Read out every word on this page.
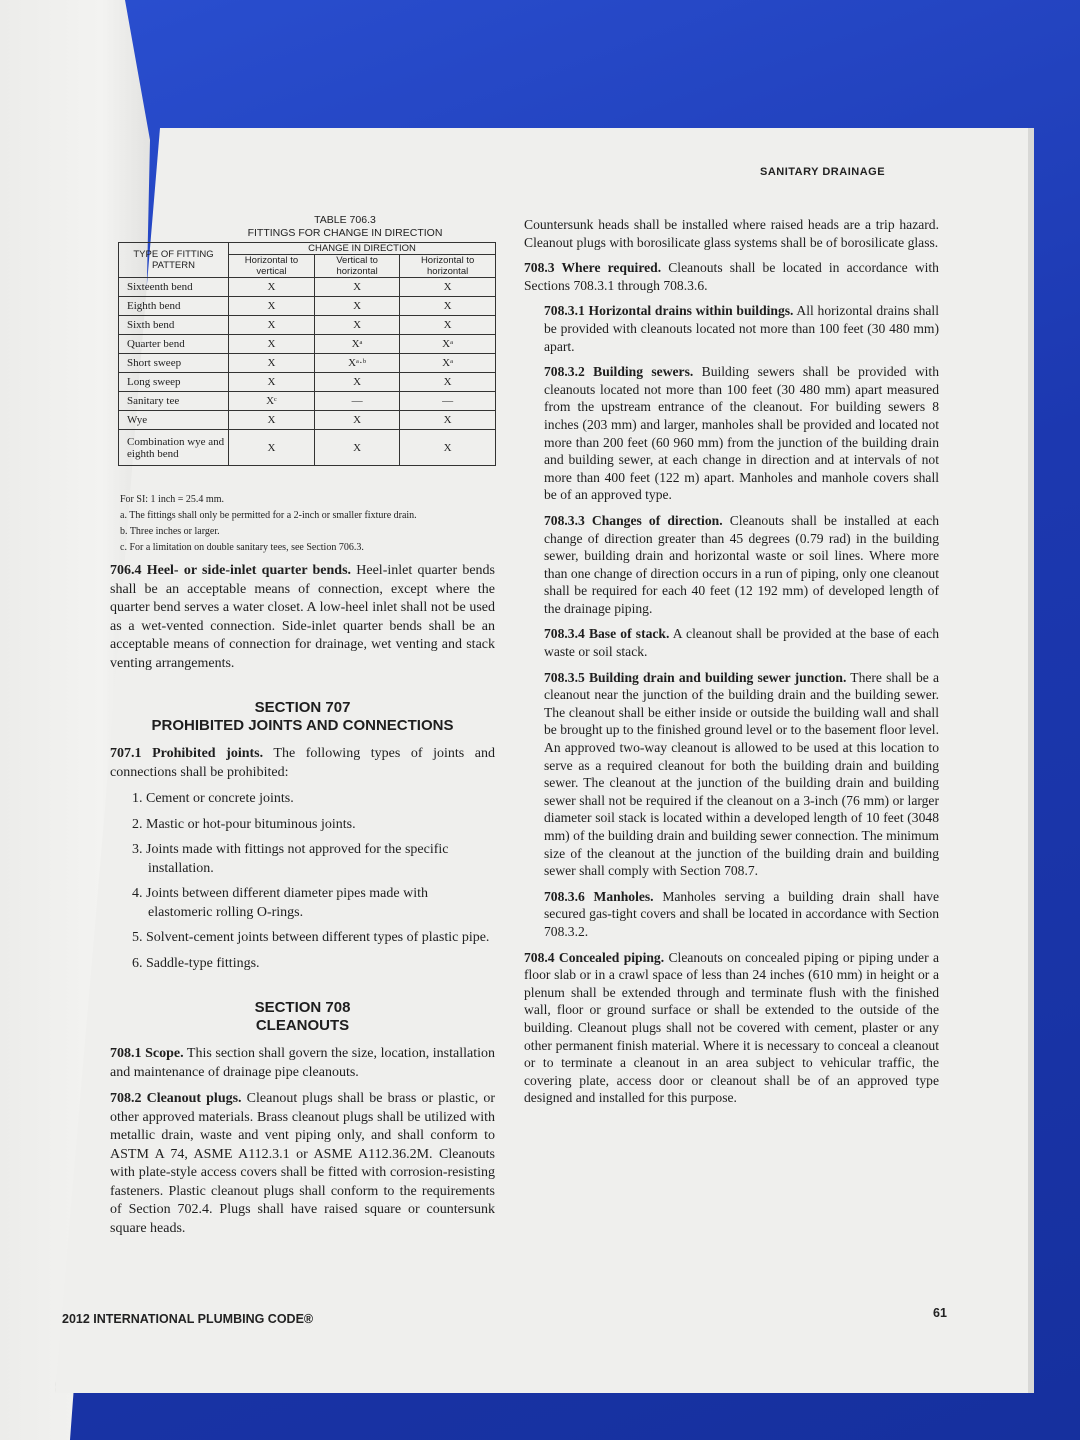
SANITARY DRAINAGE
TABLE 706.3
FITTINGS FOR CHANGE IN DIRECTION
TYPE OF FITTING PATTERN	CHANGE IN DIRECTION		
	Horizontal to vertical	Vertical to horizontal	Horizontal to horizontal
Sixteenth bend	X	X	X
Eighth bend	X	X	X
Sixth bend	X	X	X
Quarter bend	X	Xᵃ	Xᵃ
Short sweep	X	Xᵃ·ᵇ	Xᵃ
Long sweep	X	X	X
Sanitary tee	Xᶜ	—	—
Wye	X	X	X
Combination wye and eighth bend	X	X	X
For SI: 1 inch = 25.4 mm.
a. The fittings shall only be permitted for a 2-inch or smaller fixture drain.
b. Three inches or larger.
c. For a limitation on double sanitary tees, see Section 706.3.

706.4 Heel- or side-inlet quarter bends. Heel-inlet quarter bends shall be an acceptable means of connection, except where the quarter bend serves a water closet. A low-heel inlet shall not be used as a wet-vented connection. Side-inlet quarter bends shall be an acceptable means of connection for drainage, wet venting and stack venting arrangements.

SECTION 707
PROHIBITED JOINTS AND CONNECTIONS

707.1 Prohibited joints. The following types of joints and connections shall be prohibited:

1. Cement or concrete joints.
2. Mastic or hot-pour bituminous joints.
3. Joints made with fittings not approved for the specific installation.
4. Joints between different diameter pipes made with elastomeric rolling O-rings.
5. Solvent-cement joints between different types of plastic pipe.
6. Saddle-type fittings.
SECTION 708
CLEANOUTS

708.1 Scope. This section shall govern the size, location, installation and maintenance of drainage pipe cleanouts.

708.2 Cleanout plugs. Cleanout plugs shall be brass or plastic, or other approved materials. Brass cleanout plugs shall be utilized with metallic drain, waste and vent piping only, and shall conform to ASTM A 74, ASME A112.3.1 or ASME A112.36.2M. Cleanouts with plate-style access covers shall be fitted with corrosion-resisting fasteners. Plastic cleanout plugs shall conform to the requirements of Section 702.4. Plugs shall have raised square or countersunk square heads.

Countersunk heads shall be installed where raised heads are a trip hazard. Cleanout plugs with borosilicate glass systems shall be of borosilicate glass.

708.3 Where required. Cleanouts shall be located in accordance with Sections 708.3.1 through 708.3.6.

708.3.1 Horizontal drains within buildings. All horizontal drains shall be provided with cleanouts located not more than 100 feet (30 480 mm) apart.

708.3.2 Building sewers. Building sewers shall be provided with cleanouts located not more than 100 feet (30 480 mm) apart measured from the upstream entrance of the cleanout. For building sewers 8 inches (203 mm) and larger, manholes shall be provided and located not more than 200 feet (60 960 mm) from the junction of the building drain and building sewer, at each change in direction and at intervals of not more than 400 feet (122 m) apart. Manholes and manhole covers shall be of an approved type.

708.3.3 Changes of direction. Cleanouts shall be installed at each change of direction greater than 45 degrees (0.79 rad) in the building sewer, building drain and horizontal waste or soil lines. Where more than one change of direction occurs in a run of piping, only one cleanout shall be required for each 40 feet (12 192 mm) of developed length of the drainage piping.

708.3.4 Base of stack. A cleanout shall be provided at the base of each waste or soil stack.

708.3.5 Building drain and building sewer junction. There shall be a cleanout near the junction of the building drain and the building sewer. The cleanout shall be either inside or outside the building wall and shall be brought up to the finished ground level or to the basement floor level. An approved two-way cleanout is allowed to be used at this location to serve as a required cleanout for both the building drain and building sewer. The cleanout at the junction of the building drain and building sewer shall not be required if the cleanout on a 3-inch (76 mm) or larger diameter soil stack is located within a developed length of 10 feet (3048 mm) of the building drain and building sewer connection. The minimum size of the cleanout at the junction of the building drain and building sewer shall comply with Section 708.7.

708.3.6 Manholes. Manholes serving a building drain shall have secured gas-tight covers and shall be located in accordance with Section 708.3.2.

708.4 Concealed piping. Cleanouts on concealed piping or piping under a floor slab or in a crawl space of less than 24 inches (610 mm) in height or a plenum shall be extended through and terminate flush with the finished wall, floor or ground surface or shall be extended to the outside of the building. Cleanout plugs shall not be covered with cement, plaster or any other permanent finish material. Where it is necessary to conceal a cleanout or to terminate a cleanout in an area subject to vehicular traffic, the covering plate, access door or cleanout shall be of an approved type designed and installed for this purpose.

2012 INTERNATIONAL PLUMBING CODE®	61
